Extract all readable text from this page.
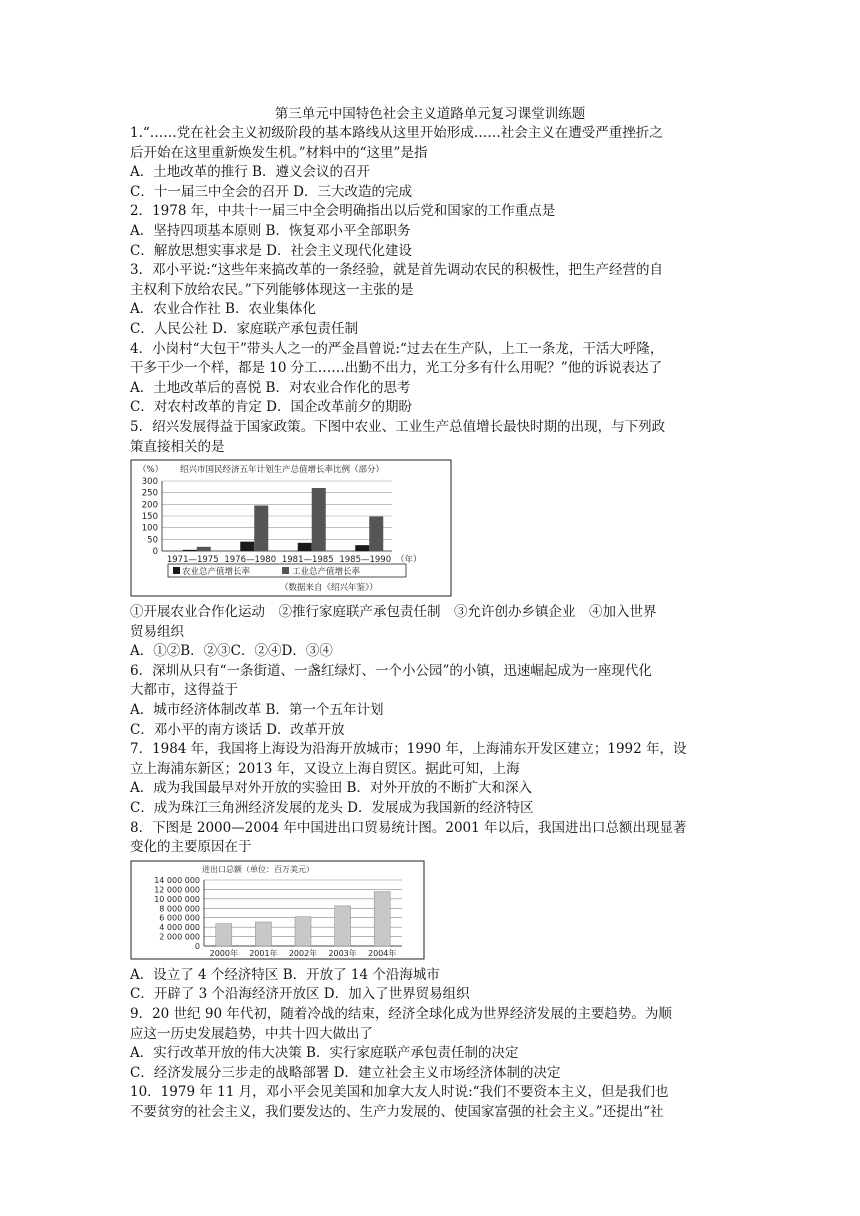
第三单元中国特色社会主义道路单元复习课堂训练题

1.“……党在社会主义初级阶段的基本路线从这里开始形成……社会主义在遭受严重挫折之

后开始在这里重新焕发生机。”材料中的“这里”是指

A．土地改革的推行 B．遵义会议的召开

C．十一届三中全会的召开 D．三大改造的完成

2．1978 年，中共十一届三中全会明确指出以后党和国家的工作重点是

A．坚持四项基本原则 B．恢复邓小平全部职务

C．解放思想实事求是 D．社会主义现代化建设

3．邓小平说:“这些年来搞改革的一条经验，就是首先调动农民的积极性，把生产经营的自

主权利下放给农民。”下列能够体现这一主张的是

A．农业合作社 B．农业集体化

C．人民公社 D．家庭联产承包责任制

4．小岗村“大包干”带头人之一的严金昌曾说:“过去在生产队，上工一条龙，干活大呼隆，

干多干少一个样，都是 10 分工……出勤不出力，光工分多有什么用呢？”他的诉说表达了

A．土地改革后的喜悦 B．对农业合作化的思考

C．对农村改革的肯定 D．国企改革前夕的期盼

5．绍兴发展得益于国家政策。下图中农业、工业生产总值增长最快时期的出现，与下列政

策直接相关的是

（%） 绍兴市国民经济五年计划生产总值增长率比例（部分）
0
50
100
150
200
250
300
1971—1975 1976—1980 1981—1985 1985—1990 （年）
农业总产值增长率	工业总产值增长率
（数据来自《绍兴年鉴》）

①开展农业合作化运动　②推行家庭联产承包责任制　③允许创办乡镇企业　④加入世界

贸易组织

A．①②B．②③C．②④D．③④

6．深圳从只有“一条街道、一盏红绿灯、一个小公园”的小镇，迅速崛起成为一座现代化

大都市，这得益于

A．城市经济体制改革 B．第一个五年计划

C．邓小平的南方谈话 D．改革开放

7．1984 年，我国将上海设为沿海开放城市；1990 年，上海浦东开发区建立；1992 年，设

立上海浦东新区；2013 年，又设立上海自贸区。据此可知，上海

A．成为我国最早对外开放的实验田 B．对外开放的不断扩大和深入

C．成为珠江三角洲经济发展的龙头 D．发展成为我国新的经济特区

8．下图是 2000—2004 年中国进出口贸易统计图。2001 年以后，我国进出口总额出现显著

变化的主要原因在于

进出口总额（单位：百万美元）
0
2 000 000
4 000 000
6 000 000
8 000 000
10 000 000
12 000 000
14 000 000
2000年 2001年 2002年 2003年 2004年

A．设立了 4 个经济特区 B．开放了 14 个沿海城市

C．开辟了 3 个沿海经济开放区 D．加入了世界贸易组织

9．20 世纪 90 年代初，随着冷战的结束，经济全球化成为世界经济发展的主要趋势。为顺

应这一历史发展趋势，中共十四大做出了

A．实行改革开放的伟大决策 B．实行家庭联产承包责任制的决定

C．经济发展分三步走的战略部署 D．建立社会主义市场经济体制的决定

10．1979 年 11 月，邓小平会见美国和加拿大友人时说:“我们不要资本主义，但是我们也

不要贫穷的社会主义，我们要发达的、生产力发展的、使国家富强的社会主义。”还提出“社
